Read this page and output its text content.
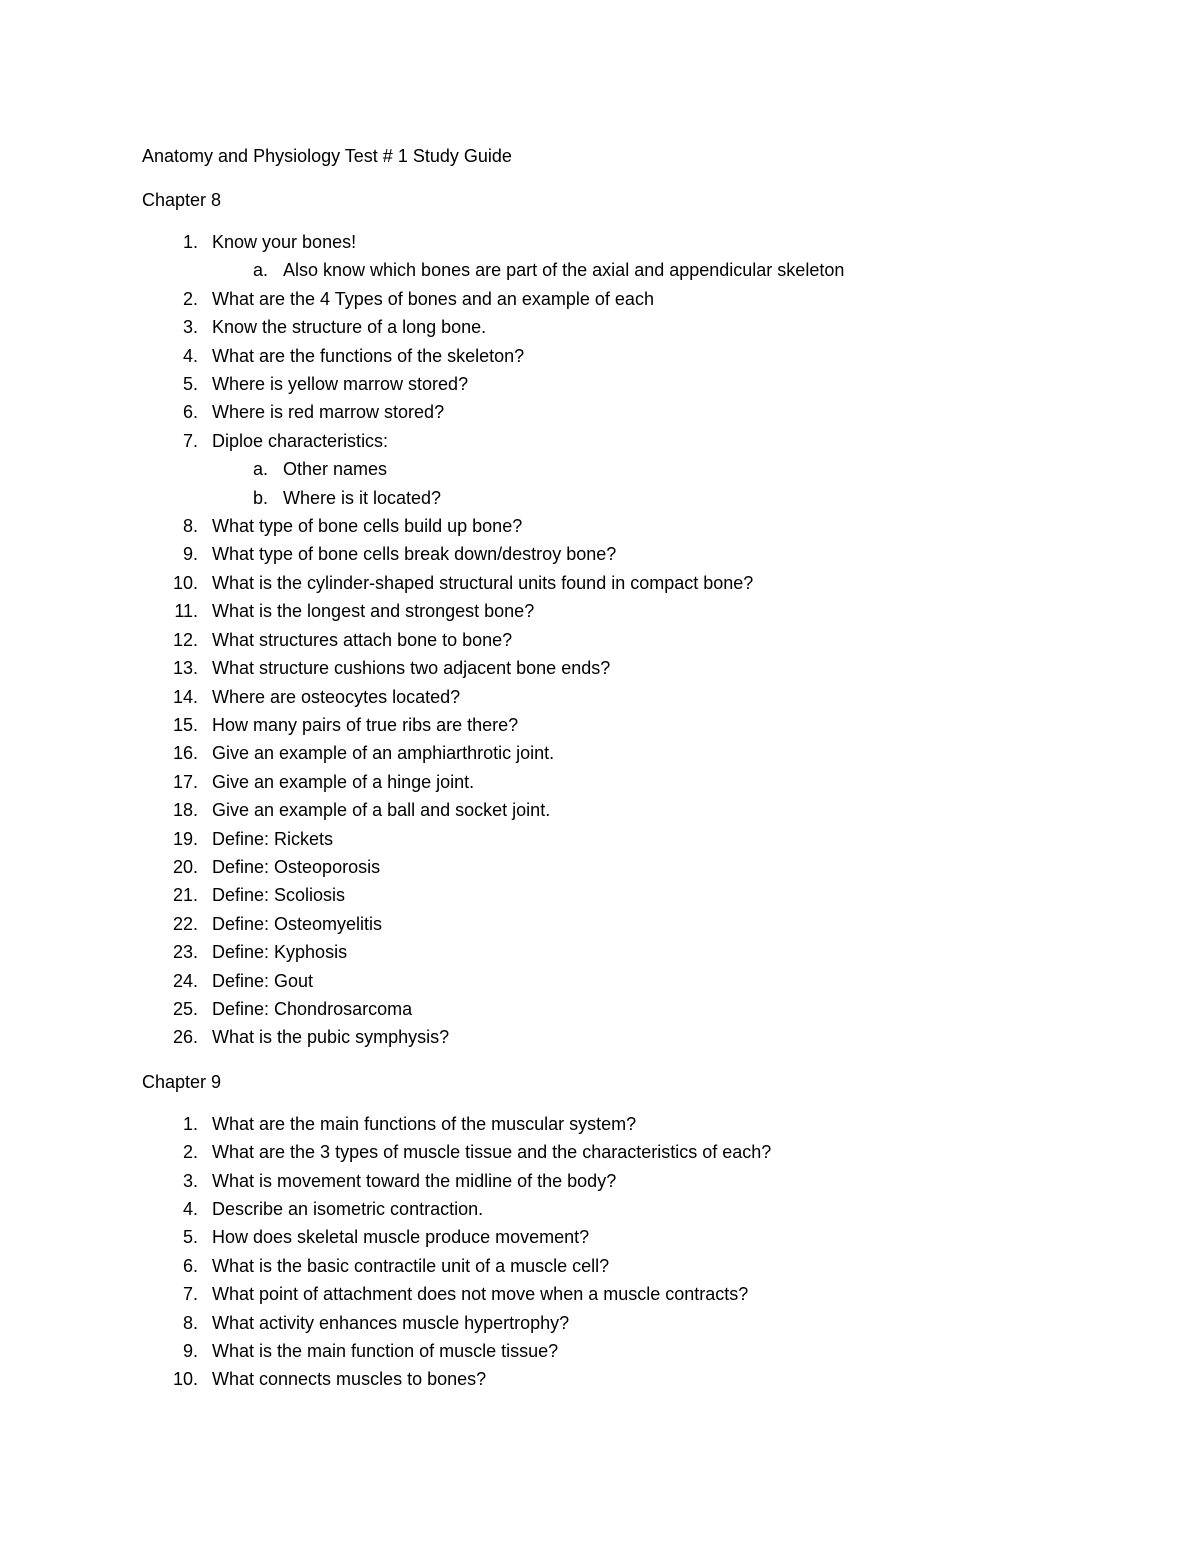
Anatomy and Physiology Test # 1 Study Guide

Chapter 8

1. Know your bones!
a. Also know which bones are part of the axial and appendicular skeleton
2. What are the 4 Types of bones and an example of each
3. Know the structure of a long bone.
4. What are the functions of the skeleton?
5. Where is yellow marrow stored?
6. Where is red marrow stored?
7. Diploe characteristics:
a. Other names
b. Where is it located?
8. What type of bone cells build up bone?
9. What type of bone cells break down/destroy bone?
10. What is the cylinder-shaped structural units found in compact bone?
11. What is the longest and strongest bone?
12. What structures attach bone to bone?
13. What structure cushions two adjacent bone ends?
14. Where are osteocytes located?
15. How many pairs of true ribs are there?
16. Give an example of an amphiarthrotic joint.
17. Give an example of a hinge joint.
18. Give an example of a ball and socket joint.
19. Define: Rickets
20. Define: Osteoporosis
21. Define: Scoliosis
22. Define: Osteomyelitis
23. Define: Kyphosis
24. Define: Gout
25. Define: Chondrosarcoma
26. What is the pubic symphysis?

Chapter 9

1. What are the main functions of the muscular system?
2. What are the 3 types of muscle tissue and the characteristics of each?
3. What is movement toward the midline of the body?
4. Describe an isometric contraction.
5. How does skeletal muscle produce movement?
6. What is the basic contractile unit of a muscle cell?
7. What point of attachment does not move when a muscle contracts?
8. What activity enhances muscle hypertrophy?
9. What is the main function of muscle tissue?
10. What connects muscles to bones?
